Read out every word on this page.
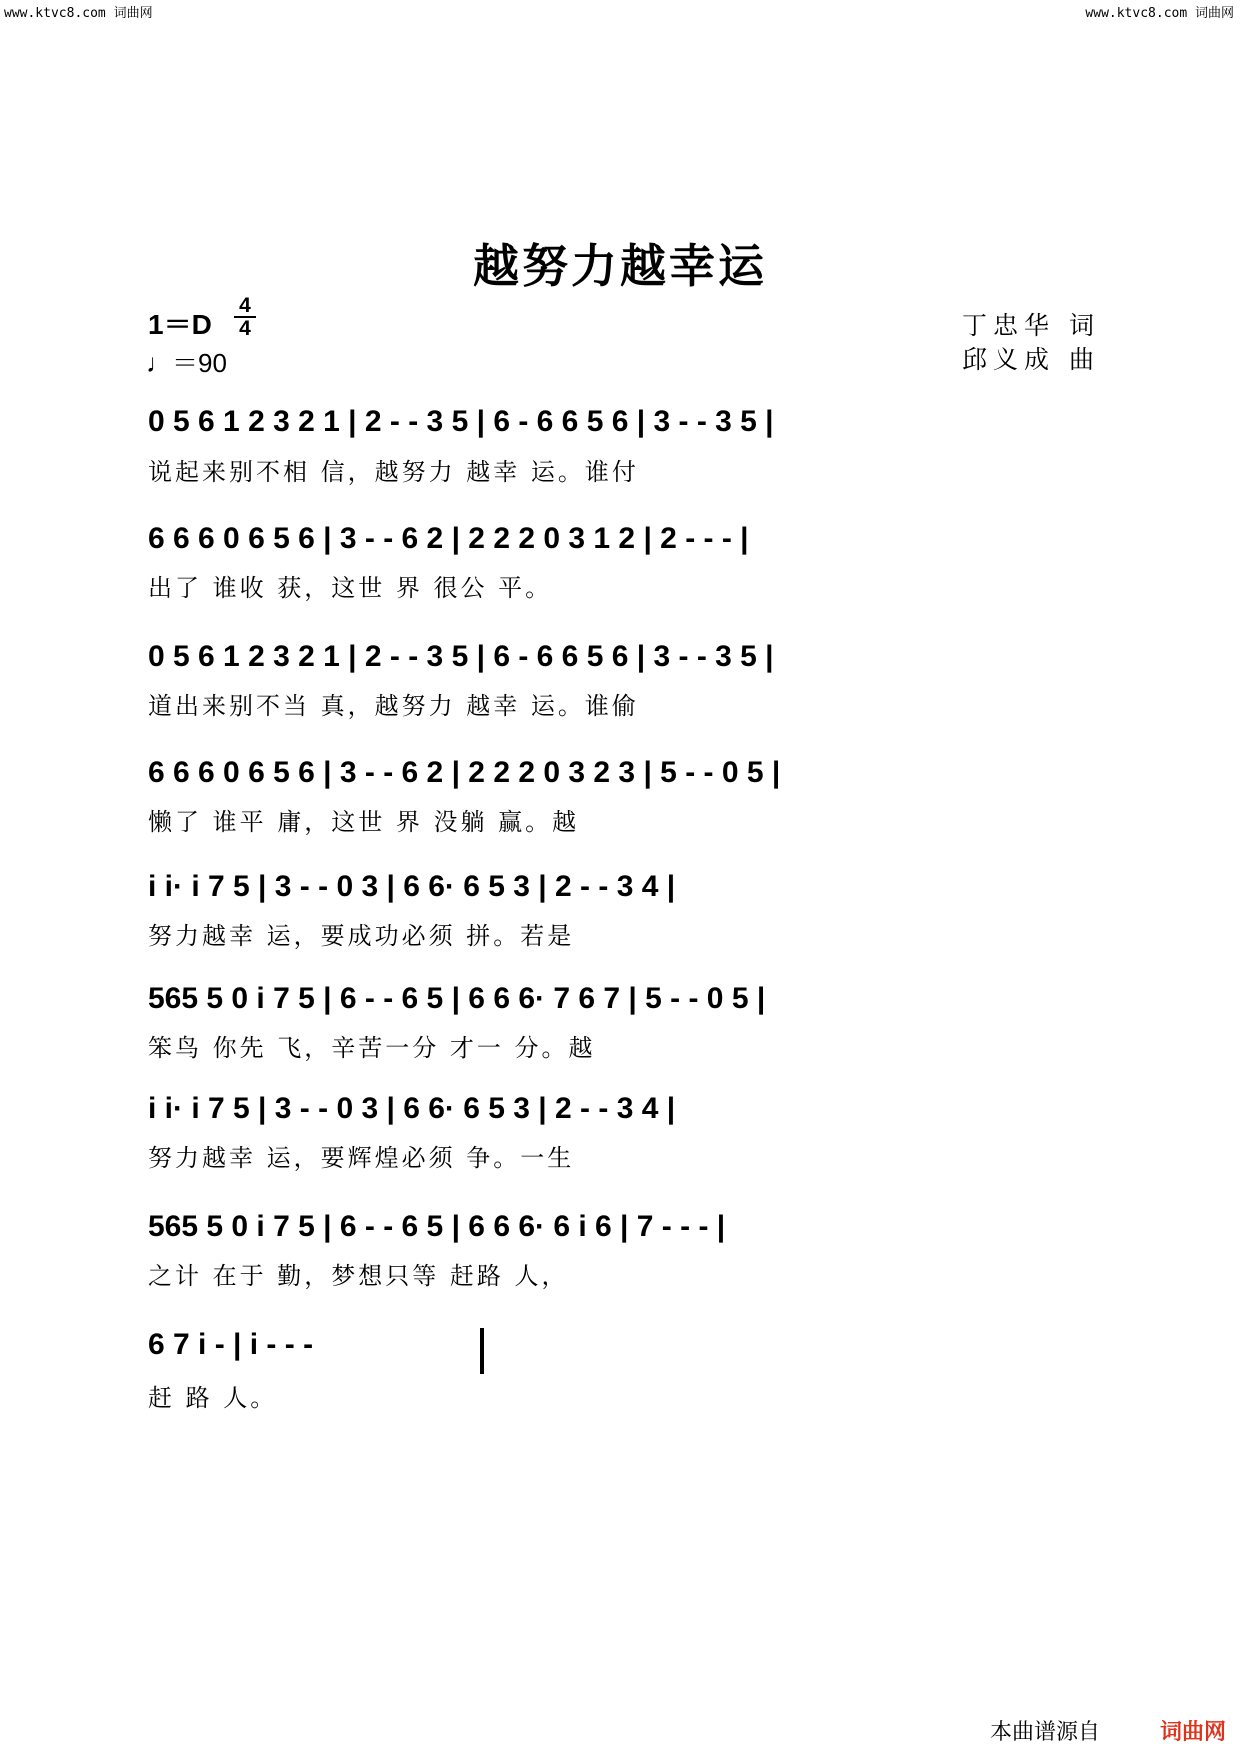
www.ktvc8.com 词曲网	www.ktvc8.com 词曲网
越努力越幸运
1＝D
4
4
♩＝90
丁忠华 词
邱义成 曲
0 5 6 1 2 3 2 1 | 2 - - 3 5 | 6 - 6 6 5 6 | 3 - - 3 5 |
说起来别不相 信，越努力 越幸 运。谁付
6 6 6 0 6 5 6 | 3 - - 6 2 | 2 2 2 0 3 1 2 | 2 - - - |
出了 谁收 获，这世 界 很公 平。
0 5 6 1 2 3 2 1 | 2 - - 3 5 | 6 - 6 6 5 6 | 3 - - 3 5 |
道出来别不当 真，越努力 越幸 运。谁偷
6 6 6 0 6 5 6 | 3 - - 6 2 | 2 2 2 0 3 2 3 | 5 - - 0 5 |
懒了 谁平 庸，这世 界 没躺 赢。越
i i· i 7 5 | 3 - - 0 3 | 6 6· 6 5 3 | 2 - - 3 4 |
努力越幸 运，要成功必须 拼。若是
565 5 0 i 7 5 | 6 - - 6 5 | 6 6 6· 7 6 7 | 5 - - 0 5 |
笨鸟 你先 飞，辛苦一分 才一 分。越
i i· i 7 5 | 3 - - 0 3 | 6 6· 6 5 3 | 2 - - 3 4 |
努力越幸 运，要辉煌必须 争。一生
565 5 0 i 7 5 | 6 - - 6 5 | 6 6 6· 6 i 6 | 7 - - - |
之计 在于 勤，梦想只等 赶路 人，
6 7 i - | i - - -
赶 路 人。
本曲谱源自	词曲网
